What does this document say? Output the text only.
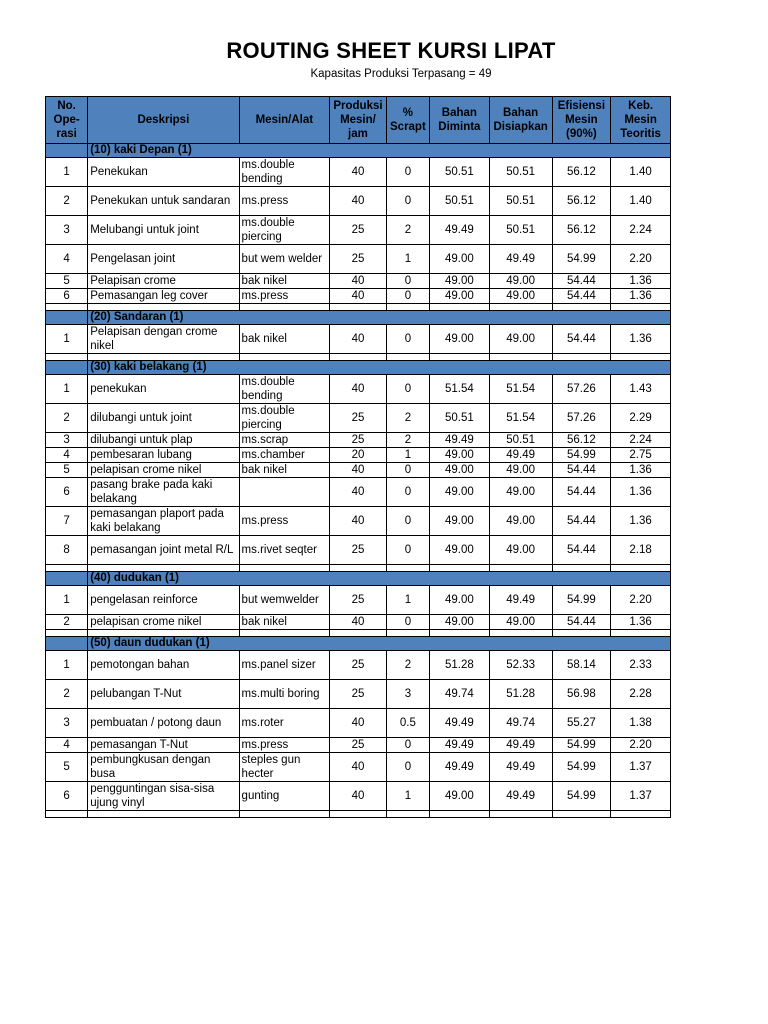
ROUTING SHEET KURSI LIPAT
Kapasitas Produksi Terpasang = 49
No. Ope-rasi	Deskripsi	Mesin/Alat	Produksi Mesin/ jam	% Scrapt	Bahan Diminta	Bahan Disiapkan	Efisiensi Mesin (90%)	Keb. Mesin Teoritis
	(10) kaki Depan (1)							
1	Penekukan	ms.double bending	40	0	50.51	50.51	56.12	1.40
2	Penekukan untuk sandaran	ms.press	40	0	50.51	50.51	56.12	1.40
3	Melubangi untuk joint	ms.double piercing	25	2	49.49	50.51	56.12	2.24
4	Pengelasan joint	but wem welder	25	1	49.00	49.49	54.99	2.20
5	Pelapisan crome	bak nikel	40	0	49.00	49.00	54.44	1.36
6	Pemasangan leg cover	ms.press	40	0	49.00	49.00	54.44	1.36

	(20) Sandaran (1)							
1	Pelapisan dengan crome nikel	bak nikel	40	0	49.00	49.00	54.44	1.36

	(30) kaki belakang (1)							
1	penekukan	ms.double bending	40	0	51.54	51.54	57.26	1.43
2	dilubangi untuk joint	ms.double piercing	25	2	50.51	51.54	57.26	2.29
3	dilubangi untuk plap	ms.scrap	25	2	49.49	50.51	56.12	2.24
4	pembesaran lubang	ms.chamber	20	1	49.00	49.49	54.99	2.75
5	pelapisan crome nikel	bak nikel	40	0	49.00	49.00	54.44	1.36
6	pasang brake pada kaki belakang		40	0	49.00	49.00	54.44	1.36
7	pemasangan plaport pada kaki belakang	ms.press	40	0	49.00	49.00	54.44	1.36
8	pemasangan joint metal R/L	ms.rivet seqter	25	0	49.00	49.00	54.44	2.18

	(40) dudukan (1)							
1	pengelasan reinforce	but wemwelder	25	1	49.00	49.49	54.99	2.20
2	pelapisan crome nikel	bak nikel	40	0	49.00	49.00	54.44	1.36

	(50) daun dudukan (1)							
1	pemotongan bahan	ms.panel sizer	25	2	51.28	52.33	58.14	2.33
2	pelubangan T-Nut	ms.multi boring	25	3	49.74	51.28	56.98	2.28
3	pembuatan / potong daun	ms.roter	40	0.5	49.49	49.74	55.27	1.38
4	pemasangan T-Nut	ms.press	25	0	49.49	49.49	54.99	2.20
5	pembungkusan dengan busa	steples gun hecter	40	0	49.49	49.49	54.99	1.37
6	pengguntingan sisa-sisa ujung vinyl	gunting	40	1	49.00	49.49	54.99	1.37
